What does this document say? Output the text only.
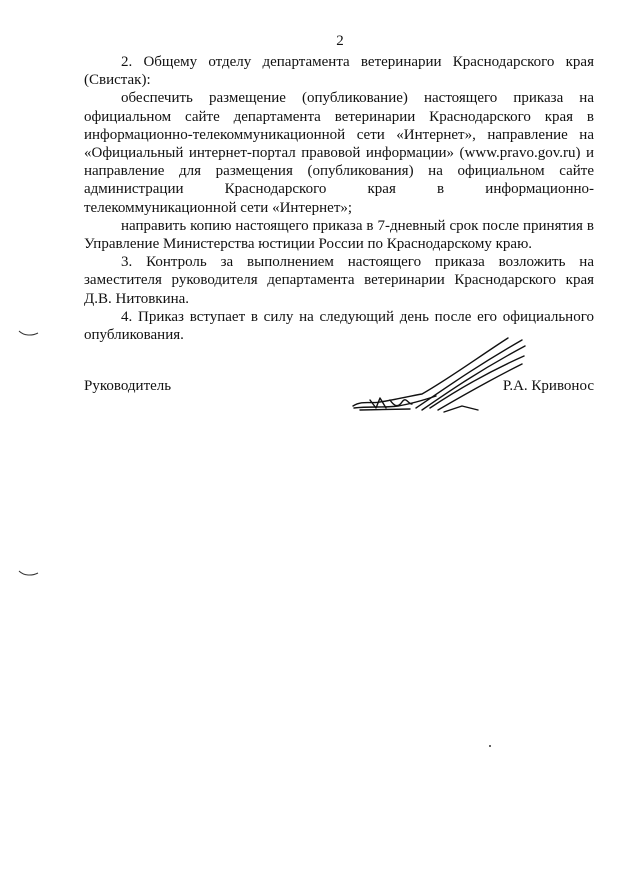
2

2. Общему отделу департамента ветеринарии Краснодарского края (Свистак):

обеспечить размещение (опубликование) настоящего приказа на официальном сайте департамента ветеринарии Краснодарского края в информационно-телекоммуникационной сети «Интернет», направление на «Официальный интернет-портал правовой информации» (www.pravo.gov.ru) и направление для размещения (опубликования) на официальном сайте администрации Краснодарского края в информационно-телекоммуникационной сети «Интернет»;

направить копию настоящего приказа в 7-дневный срок после принятия в Управление Министерства юстиции России по Краснодарскому краю.

3. Контроль за выполнением настоящего приказа возложить на заместителя руководителя департамента ветеринарии Краснодарского края Д.В. Нитовкина.

4. Приказ вступает в силу на следующий день после его официального опубликования.

Руководитель	Р.А. Кривонос
